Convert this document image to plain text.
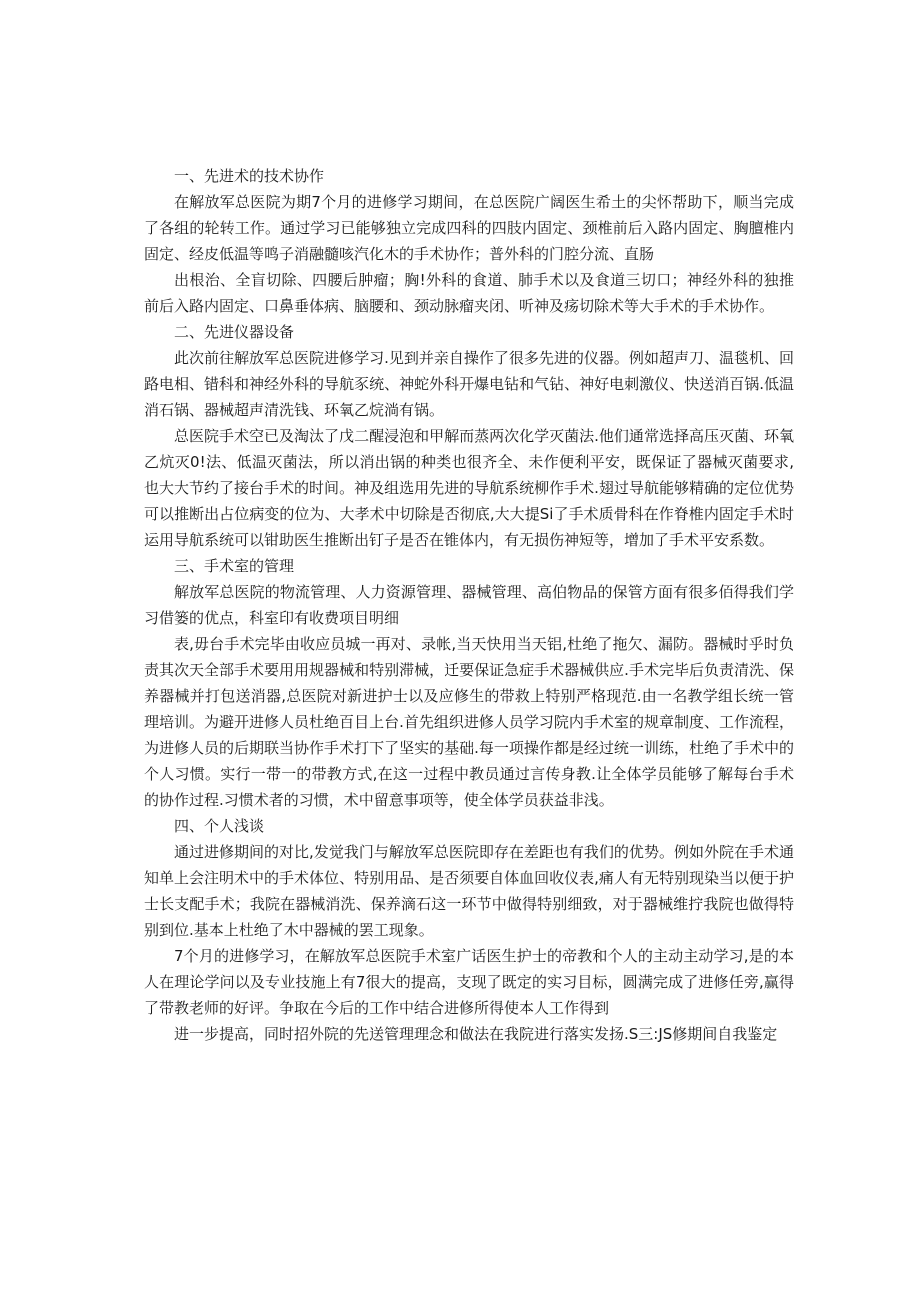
一、先进术的技术协作

在解放军总医院为期7个月的进修学习期间，在总医院广阔医生希土的尖怀帮助下，顺当完成了各组的轮转工作。通过学习已能够独立完成四科的四肢内固定、颈椎前后入路内固定、胸膻椎内固定、经皮低温等鸣子消融髓咳汽化木的手术协作；普外科的门腔分流、直肠

出根治、全盲切除、四腰后肿瘤；胸!外科的食道、肺手术以及食道三切口；神经外科的独推前后入路内固定、口鼻垂体病、脑腰和、颈动脉瘤夹闭、听神及疡切除术等大手术的手术协作。

二、先进仪器设备

此次前往解放军总医院进修学习.见到并亲自操作了很多先进的仪器。例如超声刀、温毯机、回路电相、错科和神经外科的导航豕统、神蛇外科开爆电钻和气钻、神好电刺激仪、快送消百锅.低温消石锅、器械超声清洗钱、环氧乙烷淌有锅。

总医院手术空已及淘汰了戊二醒浸泡和甲解而蒸两次化学灭菌法.他们通常选择高压灭菌、环氧乙炕灭0!法、低温灭菌法，所以消出锅的种类也很齐全、未作便利平安，既保证了器械灭菌要求,也大大节约了接台手术的时间。神及组选用先进的导航系统柳作手术.翅过导航能够精确的定位优势可以推断出占位病变的位为、大孝术中切除是否彻底,大大提Si了手术质骨科在作脊椎内固定手术时运用导航系统可以钳助医生推断出钉子是否在锥体内，有无损伤神短等，增加了手术平安系数。

三、手术室的管理

解放军总医院的物流管理、人力资源管理、器械管理、高伯物品的保管方面有很多佰得我们学习借篓的优点，科室印有收费项目明细

表,毋台手术完毕由收应员城一再对、录帐,当天快用当天铝,杜绝了拖欠、漏防。器械时乎时负责其次天全部手术要用用规器械和特别滞械，迁要保证急症手术器械供应.手术完毕后负责清洗、保养器械并打包送消器,总医院对新进护士以及应修生的带救上特别严格现范.由一名教学组长统一管理培训。为避开进修人员杜绝百目上台.首先组织进修人员学习院内手术室的规章制度、工作流程，为进修人员的后期联当协作手术打下了坚实的基础.每一项操作都是经过统一训练，杜绝了手术中的个人习惯。实行一带一的带教方式,在这一过程中教员通过言传身教.让全体学员能够了解每台手术的协作过程.习惯术者的习惯，术中留意事项等，使全体学员获益非浅。

四、个人浅谈

通过进修期间的对比,发觉我门与解放军总医院即存在差距也有我们的优势。例如外院在手术通知单上会注明术中的手术体位、特别用品、是否须要自体血回收仪表,痛人有无特别现染当以便于护士长支配手术；我院在器械消洗、保养滴石这一环节中做得特别细致，对于器械维拧我院也做得特别到位.基本上杜绝了木中器械的罢工现象。

7个月的进修学习，在解放军总医院手术室广话医生护士的帝教和个人的主动主动学习,是的本人在理论学问以及专业技施上有7很大的提高，支现了既定的实习目标，圆满完成了进修任旁,赢得了带教老师的好评。争取在今后的工作中结合进修所得使本人工作得到

进一步提高，同时招外院的先送管理理念和做法在我院进行落实发扬.S三:JS修期间自我鉴定
